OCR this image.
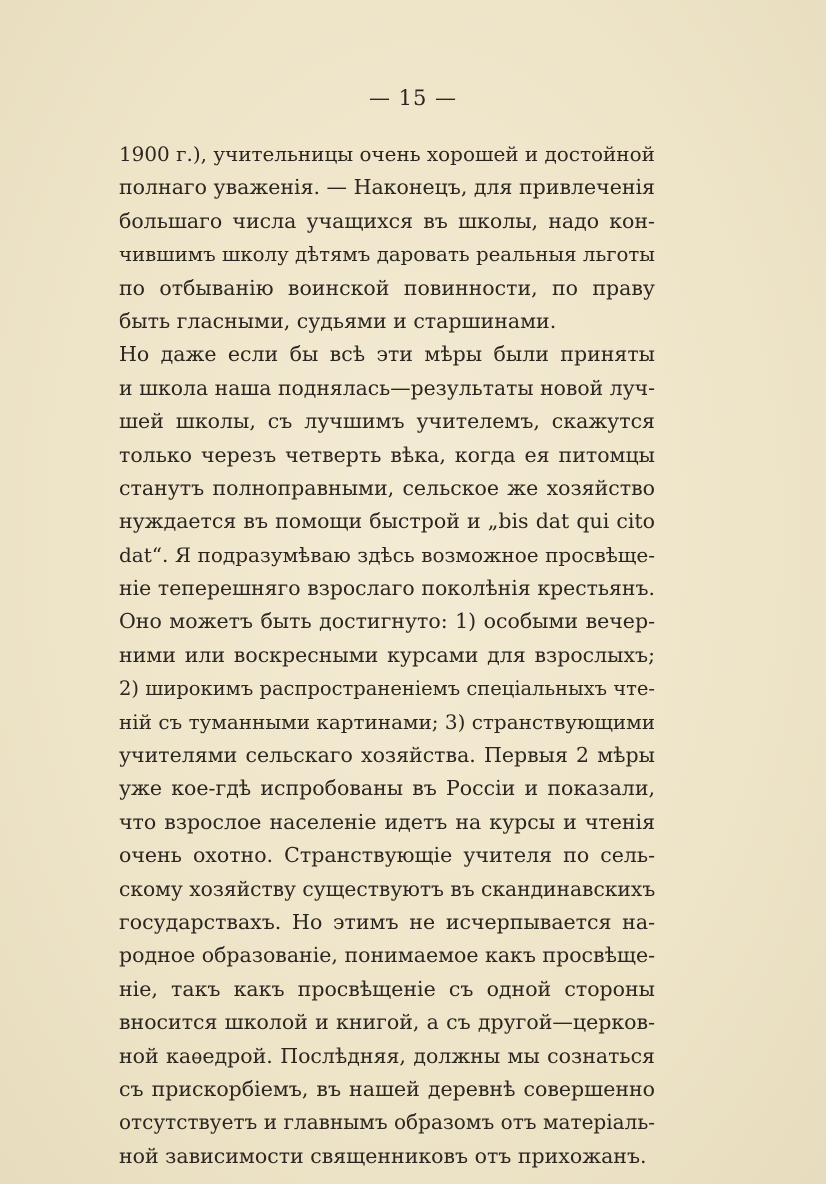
— 15 —
1900 г.), учительницы очень хорошей и достойной
полнаго уваженія. — Наконецъ, для привлеченія
большаго числа учащихся въ школы, надо кон-
чившимъ школу дѣтямъ даровать реальныя льготы
по отбыванію воинской повинности, по праву
быть гласными, судьями и старшинами.
Но даже если бы всѣ эти мѣры были приняты
и школа наша поднялась—результаты новой луч-
шей школы, съ лучшимъ учителемъ, скажутся
только черезъ четверть вѣка, когда ея питомцы
станутъ полноправными, сельское же хозяйство
нуждается въ помощи быстрой и „bis dat qui cito
dat“. Я подразумѣваю здѣсь возможное просвѣще-
ніе теперешняго взрослаго поколѣнія крестьянъ.
Оно можетъ быть достигнуто: 1) особыми вечер-
ними или воскресными курсами для взрослыхъ;
2) широкимъ распространеніемъ спеціальныхъ чте-
ній съ туманными картинами; 3) странствующими
учителями сельскаго хозяйства. Первыя 2 мѣры
уже кое-гдѣ испробованы въ Россіи и показали,
что взрослое населеніе идетъ на курсы и чтенія
очень охотно. Странствующіе учителя по сель-
скому хозяйству существуютъ въ скандинавскихъ
государствахъ. Но этимъ не исчерпывается на-
родное образованіе, понимаемое какъ просвѣще-
ніе, такъ какъ просвѣщеніе съ одной стороны
вносится школой и книгой, а съ другой—церков-
ной каѳедрой. Послѣдняя, должны мы сознаться
съ прискорбіемъ, въ нашей деревнѣ совершенно
отсутствуетъ и главнымъ образомъ отъ матеріаль-
ной зависимости священниковъ отъ прихожанъ.
